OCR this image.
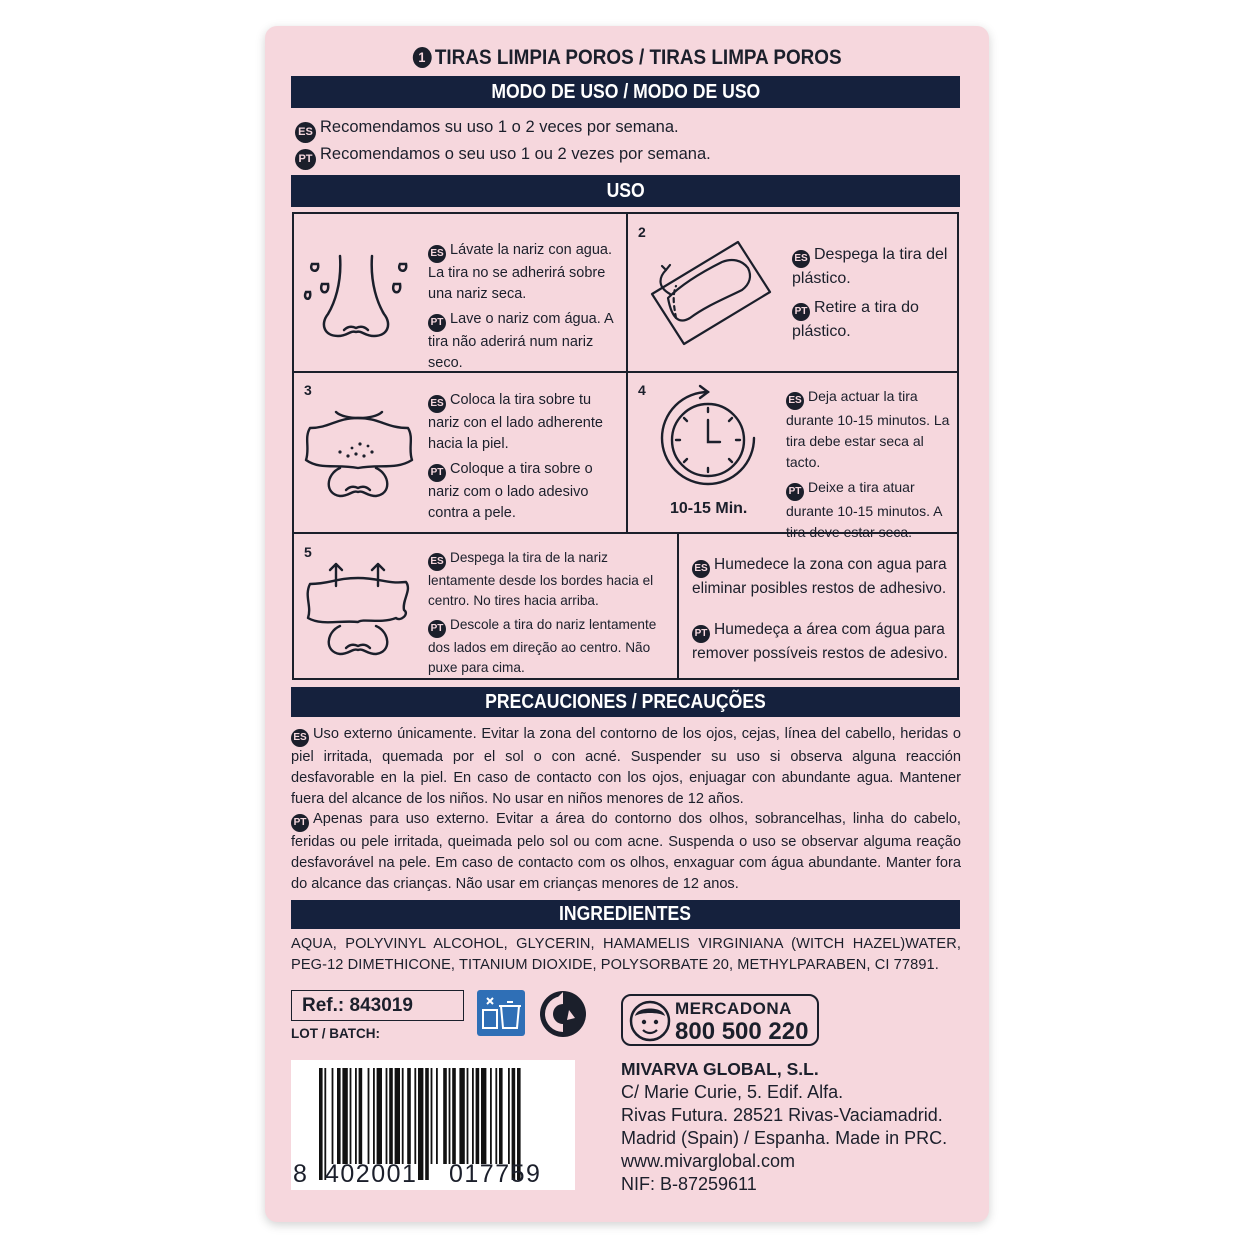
1 TIRAS LIMPIA POROS / TIRAS LIMPA POROS
MODO DE USO / MODO DE USO
ES Recomendamos su uso 1 o 2 veces por semana.
PT Recomendamos o seu uso 1 ou 2 vezes por semana.
USO

ES Lávate la nariz con agua. La tira no se adherirá sobre una nariz seca.

PT Lave o nariz com água. A tira não aderirá num nariz seco.

2

ES Despega la tira del plástico.

PT Retire a tira do plástico.

3

ES Coloca la tira sobre tu nariz con el lado adherente hacia la piel.

PT Coloque a tira sobre o nariz com o lado adesivo contra a pele.

4
10-15 Min.

ES Deja actuar la tira durante 10-15 minutos. La tira debe estar seca al tacto.

PT Deixe a tira atuar durante 10-15 minutos. A tira deve estar seca.

5

ES Despega la tira de la nariz lentamente desde los bordes hacia el centro. No tires hacia arriba.

PT Descole a tira do nariz lentamente dos lados em direção ao centro. Não puxe para cima.

ES Humedece la zona con agua para eliminar posibles restos de adhesivo.

PT Humedeça a área com água para remover possíveis restos de adesivo.

PRECAUCIONES / PRECAUÇÕES
ES Uso externo únicamente. Evitar la zona del contorno de los ojos, cejas, línea del cabello, heridas o piel irritada, quemada por el sol o con acné. Suspender su uso si observa alguna reacción desfavorable en la piel. En caso de contacto con los ojos, enjuagar con abundante agua. Mantener fuera del alcance de los niños. No usar en niños menores de 12 años.
PT Apenas para uso externo. Evitar a área do contorno dos olhos, sobrancelhas, linha do cabelo, feridas ou pele irritada, queimada pelo sol ou com acne. Suspenda o uso se observar alguma reação desfavorável na pele. Em caso de contacto com os olhos, enxaguar com água abundante. Manter fora do alcance das crianças. Não usar em crianças menores de 12 anos.
INGREDIENTES
AQUA, POLYVINYL ALCOHOL, GLYCERIN, HAMAMELIS VIRGINIANA (WITCH HAZEL)WATER, PEG-12 DIMETHICONE, TITANIUM DIOXIDE, POLYSORBATE 20, METHYLPARABEN, CI 77891.
Ref.: 843019
LOT / BATCH:
8 402001 017759
MERCADONA
800 500 220
MIVARVA GLOBAL, S.L.
C/ Marie Curie, 5. Edif. Alfa.
Rivas Futura. 28521 Rivas-Vaciamadrid.
Madrid (Spain) / Espanha. Made in PRC.
www.mivarglobal.com
NIF: B-87259611
